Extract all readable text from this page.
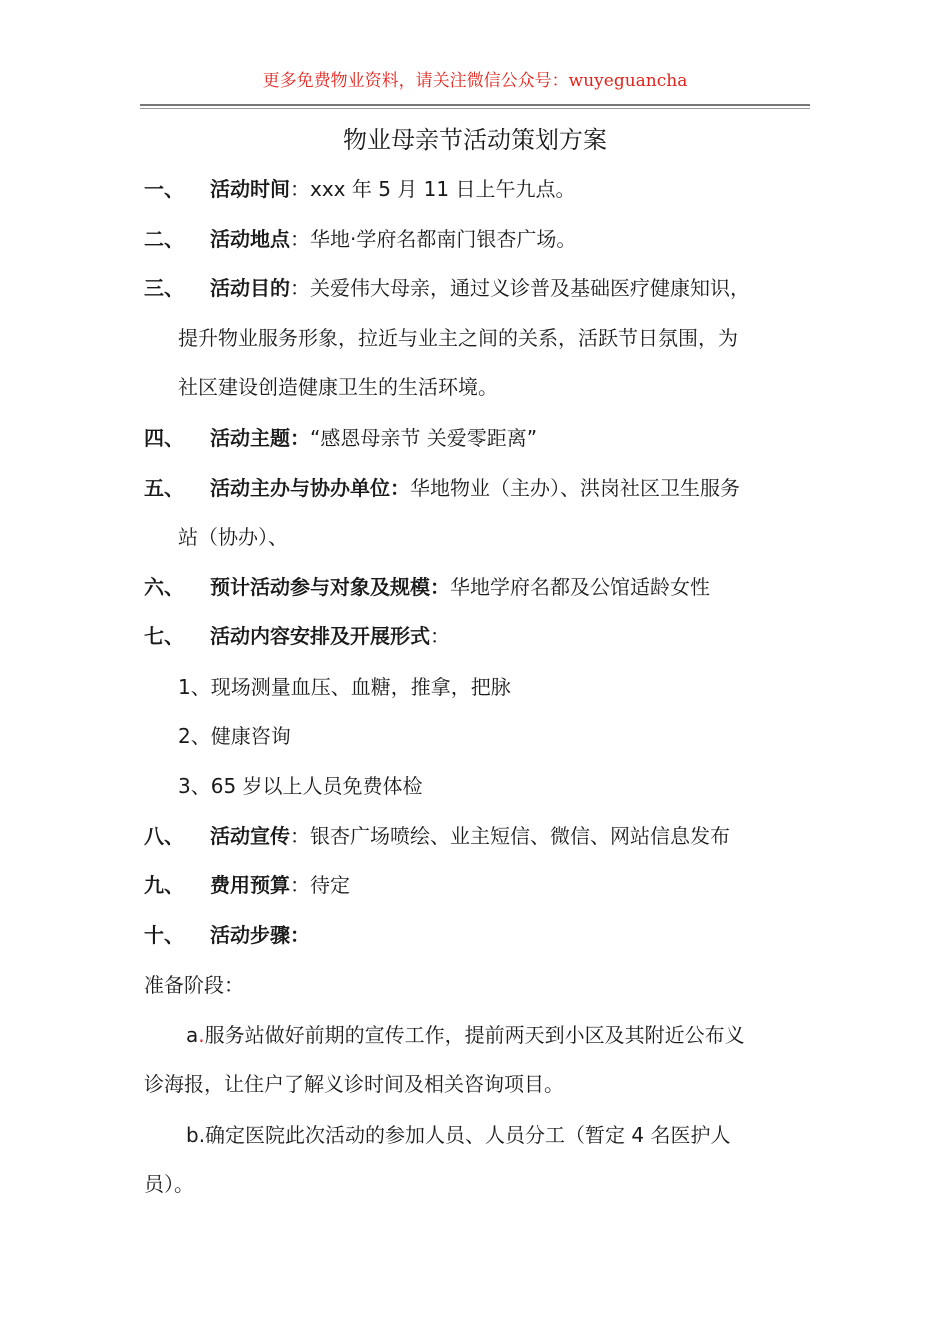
更多免费物业资料，请关注微信公众号：wuyeguancha
物业母亲节活动策划方案
一、 活动时间：xxx 年 5 月 11 日上午九点。
二、 活动地点：华地·学府名都南门银杏广场。
三、 活动目的：关爱伟大母亲，通过义诊普及基础医疗健康知识，
提升物业服务形象，拉近与业主之间的关系，活跃节日氛围，为
社区建设创造健康卫生的生活环境。
四、 活动主题：“感恩母亲节 关爱零距离”
五、 活动主办与协办单位：华地物业（主办）、洪岗社区卫生服务
站（协办）、
六、 预计活动参与对象及规模：华地学府名都及公馆适龄女性
七、 活动内容安排及开展形式：
1、现场测量血压、血糖，推拿，把脉
2、健康咨询
3、65 岁以上人员免费体检
八、 活动宣传：银杏广场喷绘、业主短信、微信、网站信息发布
九、 费用预算：待定
十、 活动步骤：
准备阶段：
a.服务站做好前期的宣传工作，提前两天到小区及其附近公布义
诊海报，让住户了解义诊时间及相关咨询项目。
b.确定医院此次活动的参加人员、人员分工（暂定 4 名医护人
员）。
